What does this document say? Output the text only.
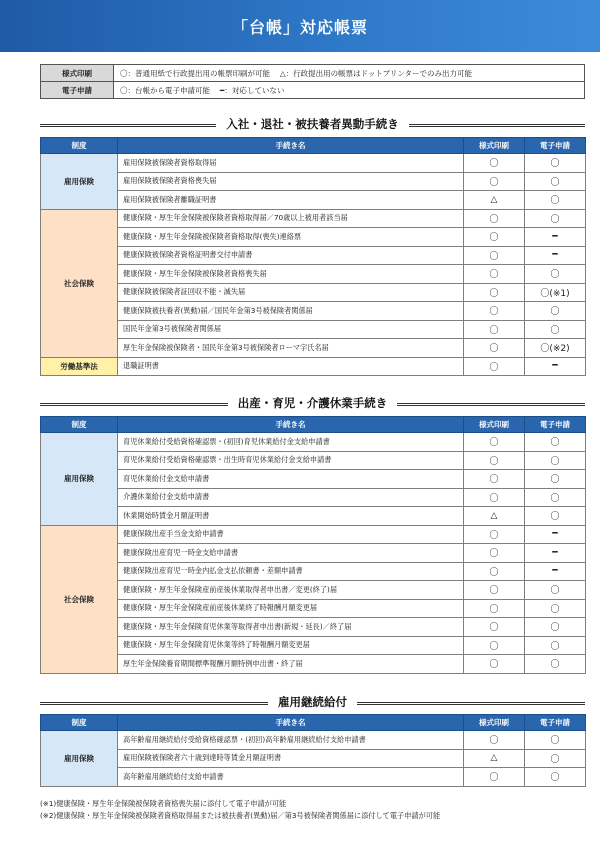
「台帳」対応帳票
様式印刷	〇：普通用紙で行政提出用の帳票印刷が可能　 △：行政提出用の帳票はドットプリンターでのみ出力可能
電子申請	〇：台帳から電子申請可能　 ━：対応していない
入社・退社・被扶養者異動手続き
制度	手続き名	様式印刷	電子申請
雇用保険	雇用保険被保険者資格取得届	〇	〇
	雇用保険被保険者資格喪失届	〇	〇
	雇用保険被保険者離職証明書	△	〇
社会保険	健康保険・厚生年金保険被保険者資格取得届／70歳以上被用者該当届	〇	〇
	健康保険・厚生年金保険被保険者資格取得(喪失)連絡票	〇	━
	健康保険被保険者資格証明書交付申請書	〇	━
	健康保険・厚生年金保険被保険者資格喪失届	〇	〇
	健康保険被保険者証回収不能・滅失届	〇	〇(※1)
	健康保険被扶養者(異動)届／国民年金第3号被保険者関係届	〇	〇
	国民年金第3号被保険者関係届	〇	〇
	厚生年金保険被保険者・国民年金第3号被保険者ローマ字氏名届	〇	〇(※2)
労働基準法	退職証明書	〇	━
出産・育児・介護休業手続き
制度	手続き名	様式印刷	電子申請
雇用保険	育児休業給付受給資格確認票・(初回)育児休業給付金支給申請書	〇	〇
	育児休業給付受給資格確認票・出生時育児休業給付金支給申請書	〇	〇
	育児休業給付金支給申請書	〇	〇
	介護休業給付金支給申請書	〇	〇
	休業開始時賃金月額証明書	△	〇
社会保険	健康保険出産手当金支給申請書	〇	━
	健康保険出産育児一時金支給申請書	〇	━
	健康保険出産育児一時金内払金支払依頼書・差額申請書	〇	━
	健康保険・厚生年金保険産前産後休業取得者申出書／変更(終了)届	〇	〇
	健康保険・厚生年金保険産前産後休業終了時報酬月額変更届	〇	〇
	健康保険・厚生年金保険育児休業等取得者申出書(新規・延長)／終了届	〇	〇
	健康保険・厚生年金保険育児休業等終了時報酬月額変更届	〇	〇
	厚生年金保険養育期間標準報酬月額特例申出書・終了届	〇	〇
雇用継続給付
制度	手続き名	様式印刷	電子申請
雇用保険	高年齢雇用継続給付受給資格確認票・(初回)高年齢雇用継続給付支給申請書	〇	〇
	雇用保険被保険者六十歳到達時等賃金月額証明書	△	〇
	高年齢雇用継続給付支給申請書	〇	〇
(※1)健康保険・厚生年金保険被保険者資格喪失届に添付して電子申請が可能
(※2)健康保険・厚生年金保険被保険者資格取得届または被扶養者(異動)届／第3号被保険者関係届に添付して電子申請が可能
